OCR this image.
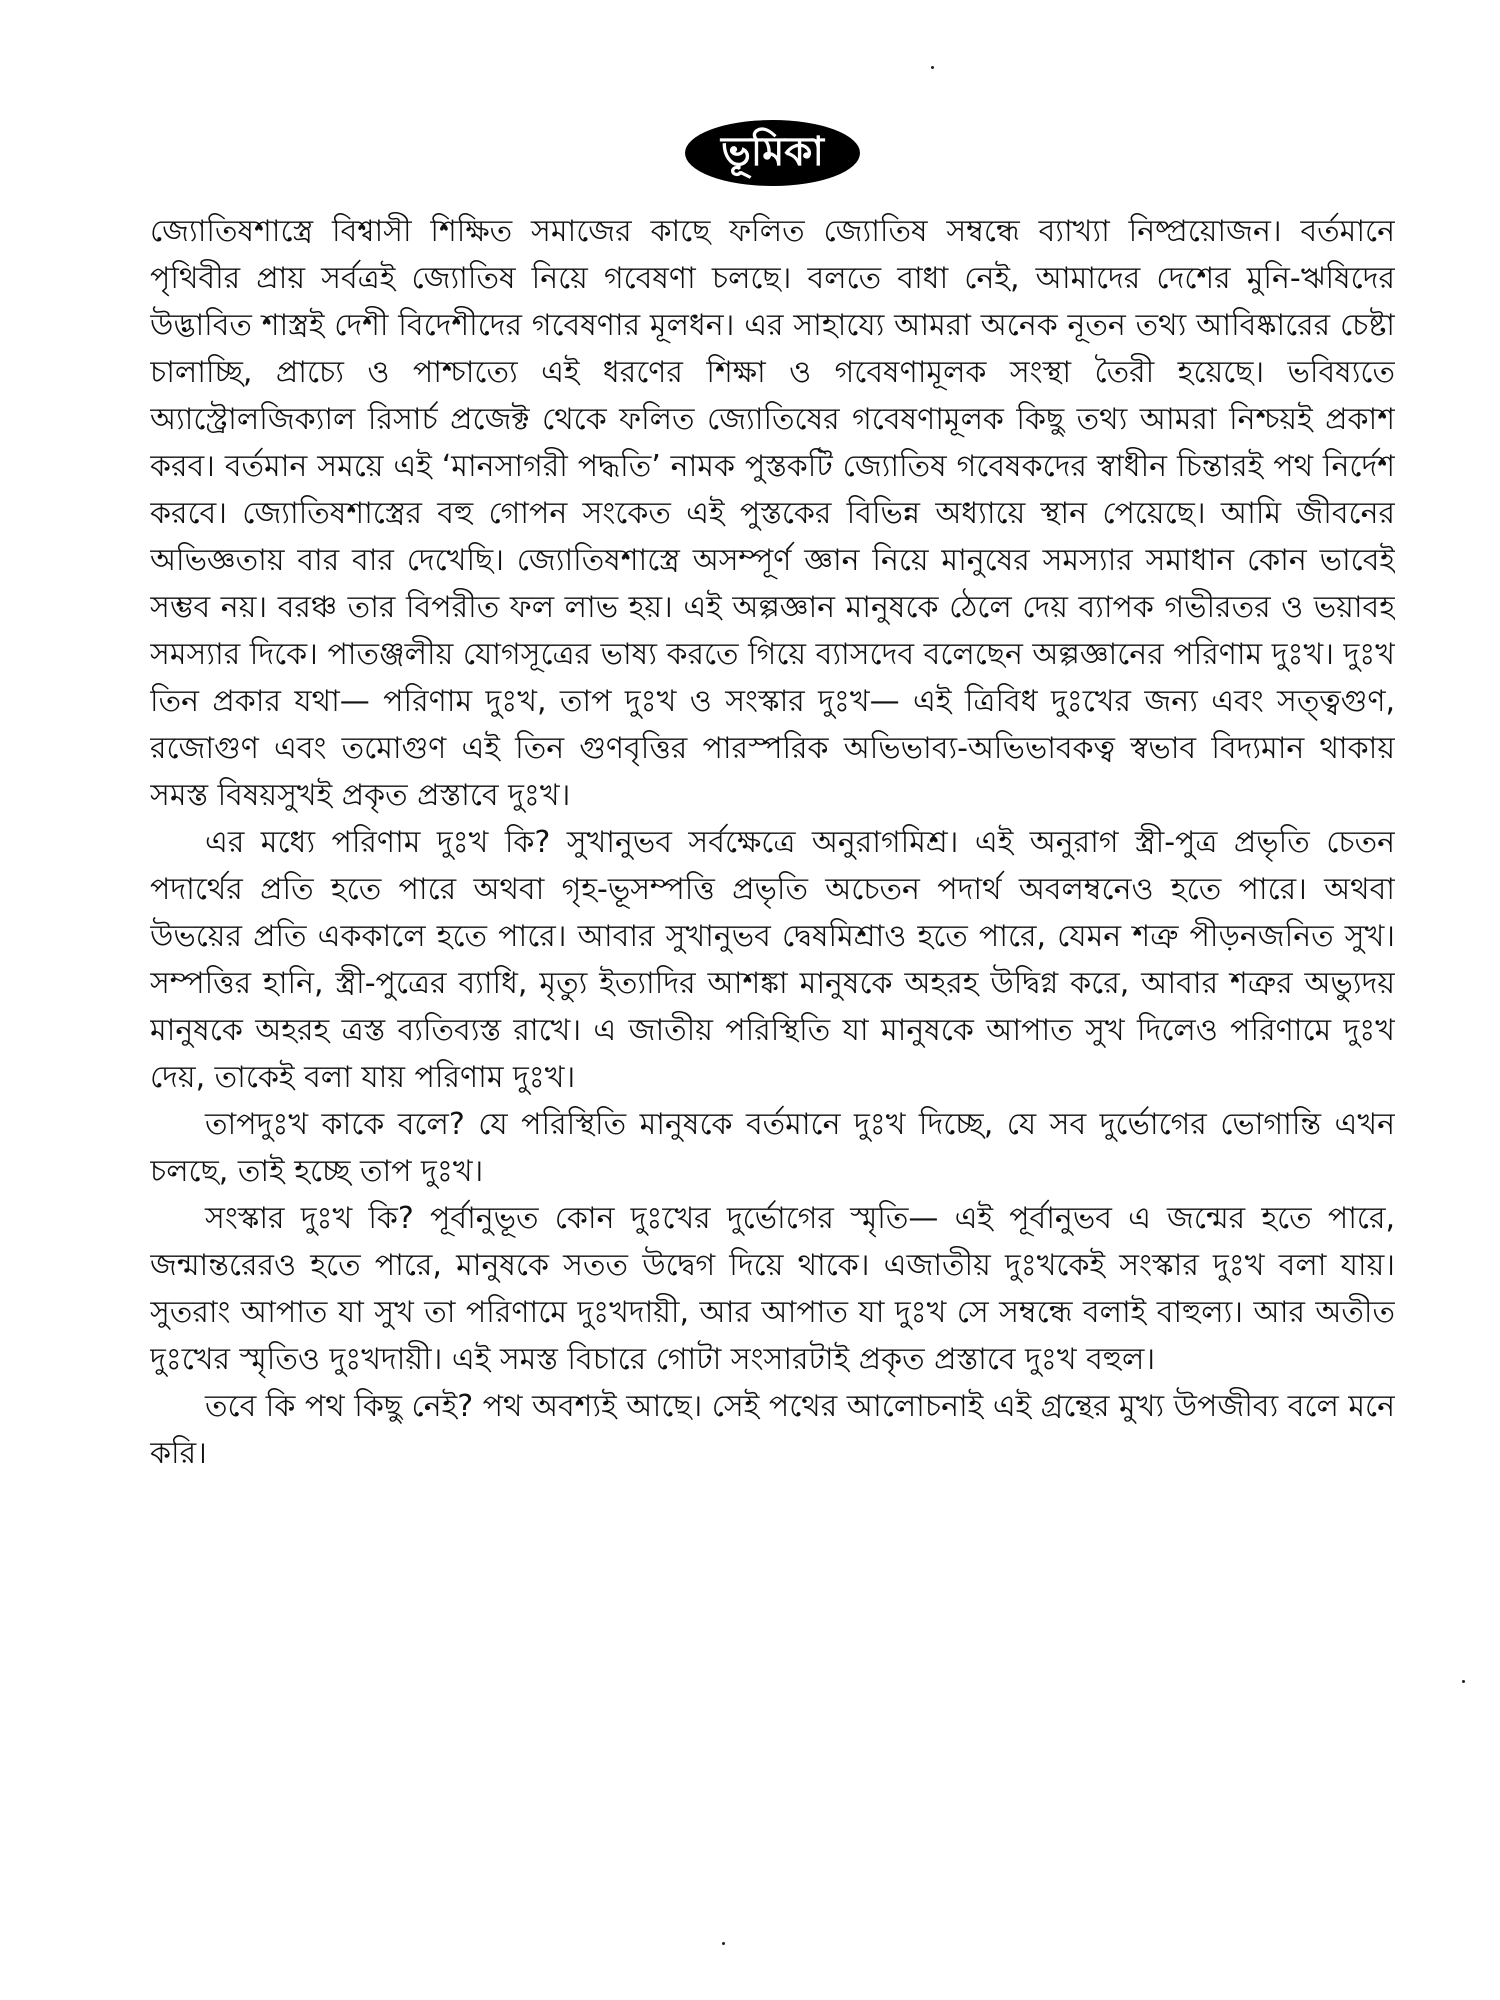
ভূমিকা

জ্যোতিষশাস্ত্রে বিশ্বাসী শিক্ষিত সমাজের কাছে ফলিত জ্যোতিষ সম্বন্ধে ব্যাখ্যা নিষ্প্রয়োজন। বর্তমানে পৃথিবীর প্রায় সর্বত্রই জ্যোতিষ নিয়ে গবেষণা চলছে। বলতে বাধা নেই, আমাদের দেশের মুনি-ঋষিদের উদ্ভাবিত শাস্ত্রই দেশী বিদেশীদের গবেষণার মূলধন। এর সাহায্যে আমরা অনেক নূতন তথ্য আবিষ্কারের চেষ্টা চালাচ্ছি, প্রাচ্যে ও পাশ্চাত্যে এই ধরণের শিক্ষা ও গবেষণামূলক সংস্থা তৈরী হয়েছে। ভবিষ্যতে অ্যাস্ট্রোলজিক্যাল রিসার্চ প্রজেক্ট থেকে ফলিত জ্যোতিষের গবেষণামূলক কিছু তথ্য আমরা নিশ্চয়ই প্রকাশ করব। বর্তমান সময়ে এই ‘মানসাগরী পদ্ধতি’ নামক পুস্তকটি জ্যোতিষ গবেষকদের স্বাধীন চিন্তারই পথ নির্দেশ করবে। জ্যোতিষশাস্ত্রের বহু গোপন সংকেত এই পুস্তকের বিভিন্ন অধ্যায়ে স্থান পেয়েছে। আমি জীবনের অভিজ্ঞতায় বার বার দেখেছি। জ্যোতিষশাস্ত্রে অসম্পূর্ণ জ্ঞান নিয়ে মানুষের সমস্যার সমাধান কোন ভাবেই সম্ভব নয়। বরঞ্চ তার বিপরীত ফল লাভ হয়। এই অল্পজ্ঞান মানুষকে ঠেলে দেয় ব্যাপক গভীরতর ও ভয়াবহ সমস্যার দিকে। পাতঞ্জলীয় যোগসূত্রের ভাষ্য করতে গিয়ে ব্যাসদেব বলেছেন অল্পজ্ঞানের পরিণাম দুঃখ। দুঃখ তিন প্রকার যথা— পরিণাম দুঃখ, তাপ দুঃখ ও সংস্কার দুঃখ— এই ত্রিবিধ দুঃখের জন্য এবং সত্ত্বগুণ, রজোগুণ এবং তমোগুণ এই তিন গুণবৃত্তির পারস্পরিক অভিভাব্য-অভিভাবকত্ব স্বভাব বিদ্যমান থাকায় সমস্ত বিষয়সুখই প্রকৃত প্রস্তাবে দুঃখ।

এর মধ্যে পরিণাম দুঃখ কি? সুখানুভব সর্বক্ষেত্রে অনুরাগমিশ্র। এই অনুরাগ স্ত্রী-পুত্র প্রভৃতি চেতন পদার্থের প্রতি হতে পারে অথবা গৃহ-ভূসম্পত্তি প্রভৃতি অচেতন পদার্থ অবলম্বনেও হতে পারে। অথবা উভয়ের প্রতি এককালে হতে পারে। আবার সুখানুভব দ্বেষমিশ্রাও হতে পারে, যেমন শত্রু পীড়নজনিত সুখ। সম্পত্তির হানি, স্ত্রী-পুত্রের ব্যাধি, মৃত্যু ইত্যাদির আশঙ্কা মানুষকে অহরহ উদ্বিগ্ন করে, আবার শত্রুর অভ্যুদয় মানুষকে অহরহ ত্রস্ত ব্যতিব্যস্ত রাখে। এ জাতীয় পরিস্থিতি যা মানুষকে আপাত সুখ দিলেও পরিণামে দুঃখ দেয়, তাকেই বলা যায় পরিণাম দুঃখ।

তাপদুঃখ কাকে বলে? যে পরিস্থিতি মানুষকে বর্তমানে দুঃখ দিচ্ছে, যে সব দুর্ভোগের ভোগান্তি এখন চলছে, তাই হচ্ছে তাপ দুঃখ।

সংস্কার দুঃখ কি? পূর্বানুভূত কোন দুঃখের দুর্ভোগের স্মৃতি— এই পূর্বানুভব এ জন্মের হতে পারে, জন্মান্তরেরও হতে পারে, মানুষকে সতত উদ্বেগ দিয়ে থাকে। এজাতীয় দুঃখকেই সংস্কার দুঃখ বলা যায়। সুতরাং আপাত যা সুখ তা পরিণামে দুঃখদায়ী, আর আপাত যা দুঃখ সে সম্বন্ধে বলাই বাহুল্য। আর অতীত দুঃখের স্মৃতিও দুঃখদায়ী। এই সমস্ত বিচারে গোটা সংসারটাই প্রকৃত প্রস্তাবে দুঃখ বহুল।

তবে কি পথ কিছু নেই? পথ অবশ্যই আছে। সেই পথের আলোচনাই এই গ্রন্থের মুখ্য উপজীব্য বলে মনে করি।
